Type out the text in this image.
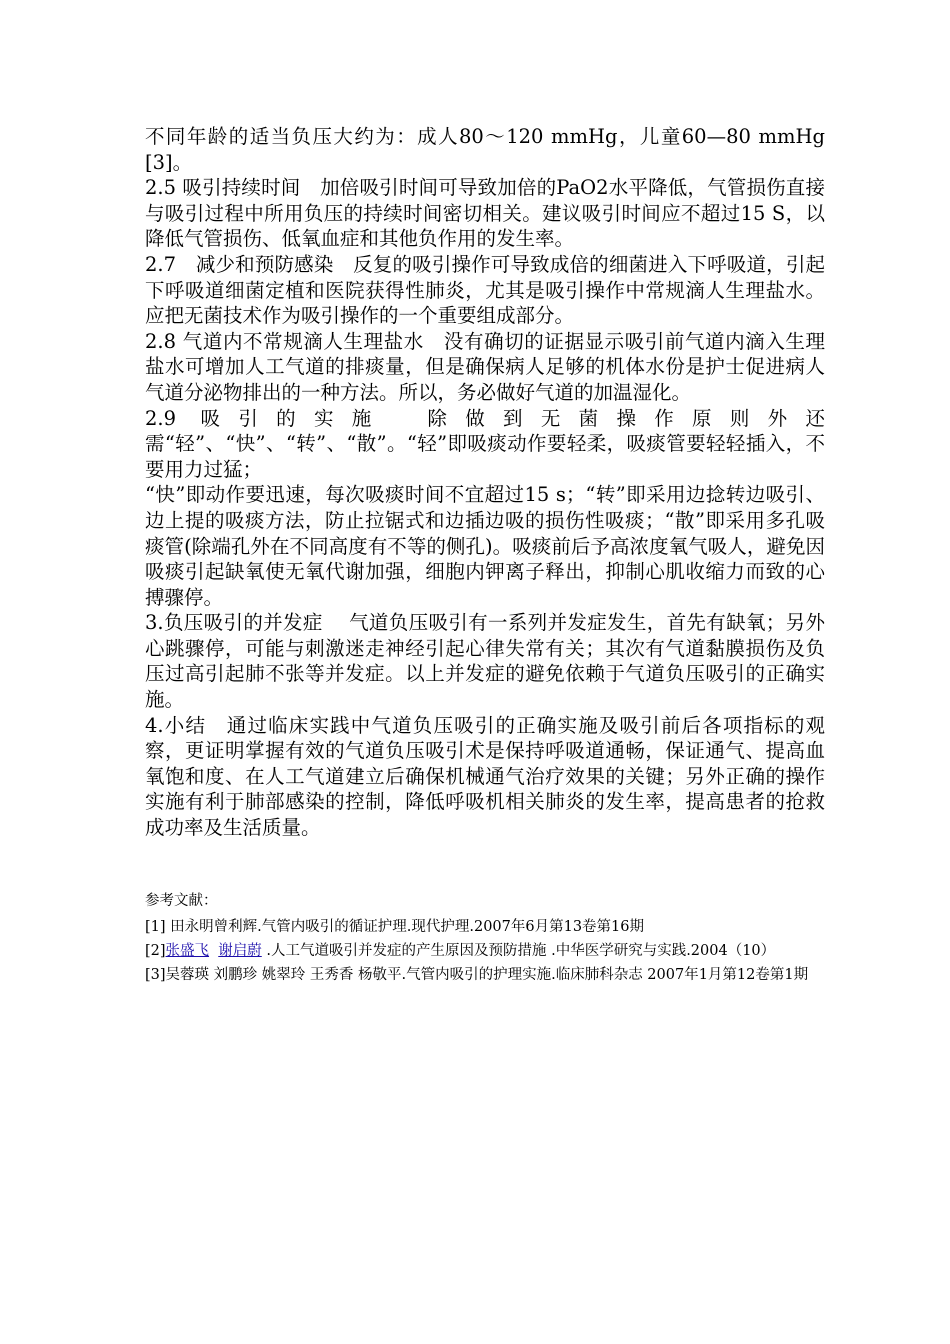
不同年龄的适当负压大约为：成人80～120 mmHg，儿童60—80 mmHg[3]。

2.5 吸引持续时间　加倍吸引时间可导致加倍的PaO2水平降低，气管损伤直接与吸引过程中所用负压的持续时间密切相关。建议吸引时间应不超过15 S，以降低气管损伤、低氧血症和其他负作用的发生率。

2.7　减少和预防感染　反复的吸引操作可导致成倍的细菌进入下呼吸道，引起下呼吸道细菌定植和医院获得性肺炎，尤其是吸引操作中常规滴人生理盐水。应把无菌技术作为吸引操作的一个重要组成部分。

2.8 气道内不常规滴人生理盐水　没有确切的证据显示吸引前气道内滴入生理盐水可增加人工气道的排痰量，但是确保病人足够的机体水份是护士促进病人气道分泌物排出的一种方法。所以，务必做好气道的加温湿化。

2.9 吸引的实施　除做到无菌操作原则外还需“轻”、“快”、“转”、“散”。“轻”即吸痰动作要轻柔，吸痰管要轻轻插入，不要用力过猛；

“快”即动作要迅速，每次吸痰时间不宜超过15 s；“转”即采用边捻转边吸引、边上提的吸痰方法，防止拉锯式和边插边吸的损伤性吸痰；“散”即采用多孔吸痰管(除端孔外在不同高度有不等的侧孔)。吸痰前后予高浓度氧气吸人，避免因吸痰引起缺氧使无氧代谢加强，细胞内钾离子释出，抑制心肌收缩力而致的心搏骤停。

3.负压吸引的并发症　 气道负压吸引有一系列并发症发生，首先有缺氧；另外心跳骤停，可能与刺激迷走神经引起心律失常有关；其次有气道黏膜损伤及负压过高引起肺不张等并发症。以上并发症的避免依赖于气道负压吸引的正确实施。

4.小结　通过临床实践中气道负压吸引的正确实施及吸引前后各项指标的观察，更证明掌握有效的气道负压吸引术是保持呼吸道通畅，保证通气、提高血氧饱和度、在人工气道建立后确保机械通气治疗效果的关键；另外正确的操作实施有利于肺部感染的控制，降低呼吸机相关肺炎的发生率，提高患者的抢救成功率及生活质量。

参考文献：

[1] 田永明曾利辉.气管内吸引的循证护理.现代护理.2007年6月第13卷第16期

[2]张盛飞 谢启蔚 .人工气道吸引并发症的产生原因及预防措施 .中华医学研究与实践.2004（10）

[3]吴蓉瑛 刘鹏珍 姚翠玲 王秀香 杨敬平.气管内吸引的护理实施.临床肺科杂志 2007年1月第12卷第1期
